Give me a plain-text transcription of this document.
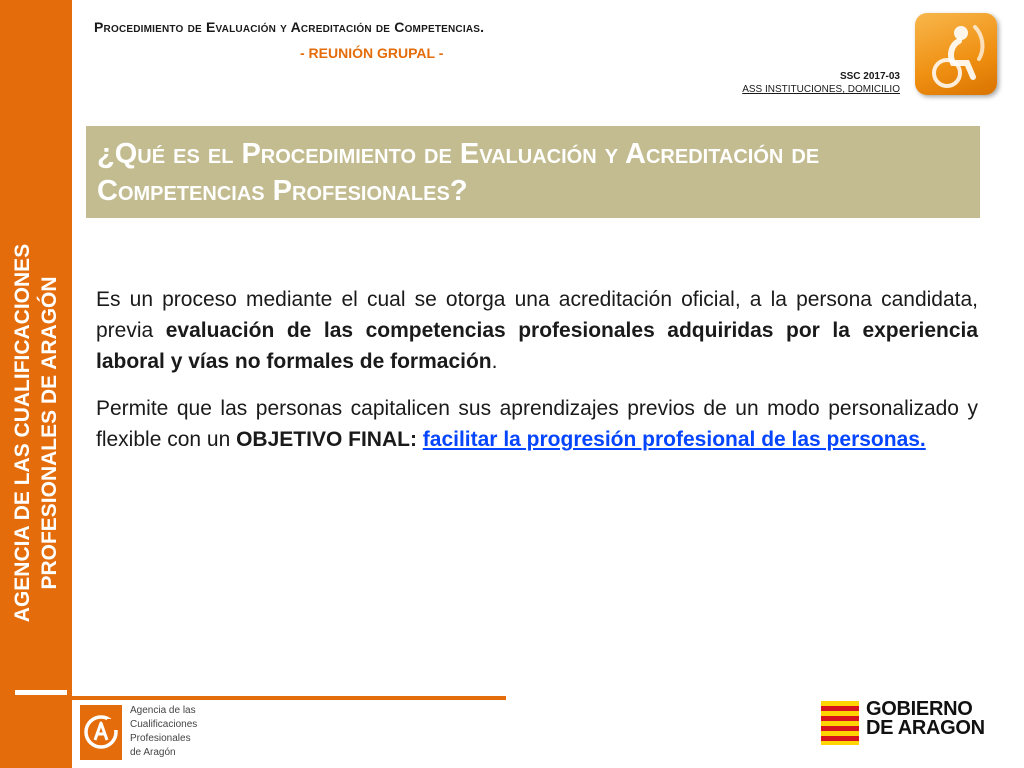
AGENCIA DE LAS CUALIFICACIONES PROFESIONALES DE ARAGÓN
Procedimiento de Evaluación y Acreditación de Competencias.
- REUNIÓN GRUPAL -
SSC 2017-03
ASS INSTITUCIONES, DOMICILIO
¿Qué es el Procedimiento de Evaluación y Acreditación de Competencias Profesionales?

Es un proceso mediante el cual se otorga una acreditación oficial, a la persona candidata, previa evaluación de las competencias profesionales adquiridas por la experiencia laboral y vías no formales de formación.

Permite que las personas capitalicen sus aprendizajes previos de un modo personalizado y flexible con un OBJETIVO FINAL: facilitar la progresión profesional de las personas.

Agencia de las
Cualificaciones
Profesionales
de Aragón
GOBIERNO
DE ARAGON
